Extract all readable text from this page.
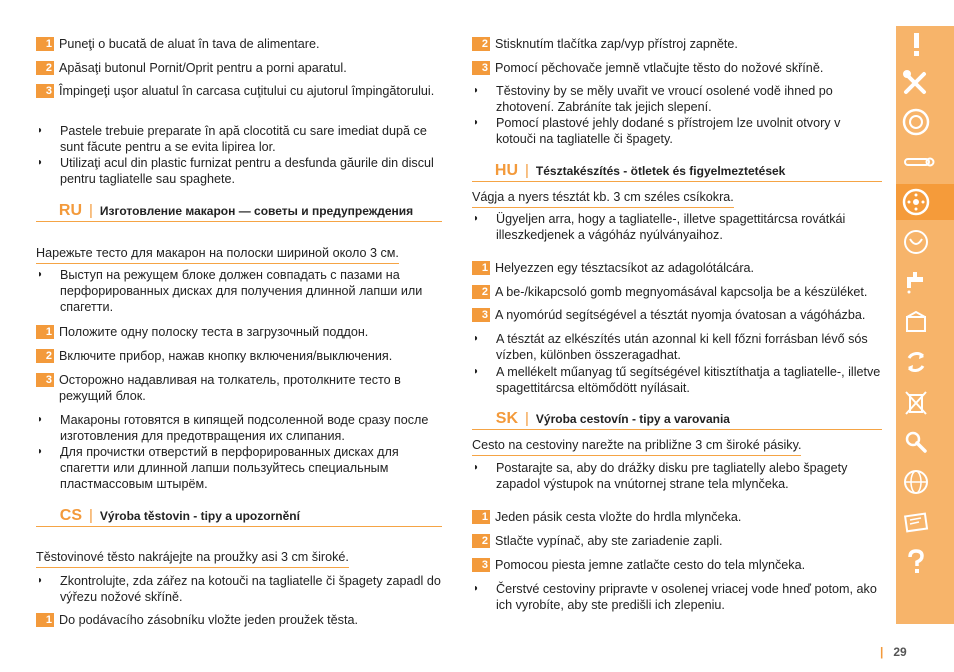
1 Puneţi o bucată de aluat în tava de alimentare.
2 Apăsaţi butonul Pornit/Oprit pentru a porni aparatul.
3 Împingeţi uşor aluatul în carcasa cuţitului cu ajutorul împingătorului.
◗	Pastele trebuie preparate în apă clocotită cu sare imediat după ce sunt făcute pentru a se evita lipirea lor.
◗	Utilizaţi acul din plastic furnizat pentru a desfunda găurile din discul pentru tagliatelle sau spaghete.
RU | Изготовление макарон — советы и предупреждения
Нарежьте тесто для макарон на полоски шириной около 3 см.
◗	Выступ на режущем блоке должен совпадать с пазами на перфорированных дисках для получения длинной лапши или спагетти.
1 Положите одну полоску теста в загрузочный поддон.
2 Включите прибор, нажав кнопку включения/выключения.
3 Осторожно надавливая на толкатель, протолкните тесто в режущий блок.
◗	Макароны готовятся в кипящей подсоленной воде сразу после изготовления для предотвращения их слипания.
◗	Для прочистки отверстий в перфорированных дисках для спагетти или длинной лапши пользуйтесь специальным пластмассовым штырём.
CS | Výroba těstovin - tipy a upozornění
Těstovinové těsto nakrájejte na proužky asi 3 cm široké.
◗	Zkontrolujte, zda zářez na kotouči na tagliatelle či špagety zapadl do výřezu nožové skříně.
1 Do podávacího zásobníku vložte jeden proužek těsta.
2 Stisknutím tlačítka zap/vyp přístroj zapněte.
3 Pomocí pěchovače jemně vtlačujte těsto do nožové skříně.
◗	Těstoviny by se měly uvařit ve vroucí osolené vodě ihned po zhotovení. Zabráníte tak jejich slepení.
◗	Pomocí plastové jehly dodané s přístrojem lze uvolnit otvory v kotouči na tagliatelle či špagety.
HU | Tésztakészítés - ötletek és figyelmeztetések
Vágja a nyers tésztát kb. 3 cm széles csíkokra.
◗	Ügyeljen arra, hogy a tagliatelle-, illetve spagettitárcsa rovátkái illeszkedjenek a vágóház nyúlványaihoz.
1 Helyezzen egy tésztacsíkot az adagolótálcára.
2 A be-/kikapcsoló gomb megnyomásával kapcsolja be a készüléket.
3 A nyomórúd segítségével a tésztát nyomja óvatosan a vágóházba.
◗	A tésztát az elkészítés után azonnal ki kell főzni forrásban lévő sós vízben, különben összeragadhat.
◗	A mellékelt műanyag tű segítségével kitisztíthatja a tagliatelle-, illetve spagettitárcsa eltömődött nyílásait.
SK | Výroba cestovín - tipy a varovania
Cesto na cestoviny narežte na približne 3 cm široké pásiky.
◗	Postarajte sa, aby do drážky disku pre tagliatelly alebo špagety zapadol výstupok na vnútornej strane tela mlynčeka.
1 Jeden pásik cesta vložte do hrdla mlynčeka.
2 Stlačte vypínač, aby ste zariadenie zapli.
3 Pomocou piesta jemne zatlačte cesto do tela mlynčeka.
◗	Čerstvé cestoviny pripravte v osolenej vriacej vode hneď potom, ako ich vyrobíte, aby ste predišli ich zlepeniu.
| 29
